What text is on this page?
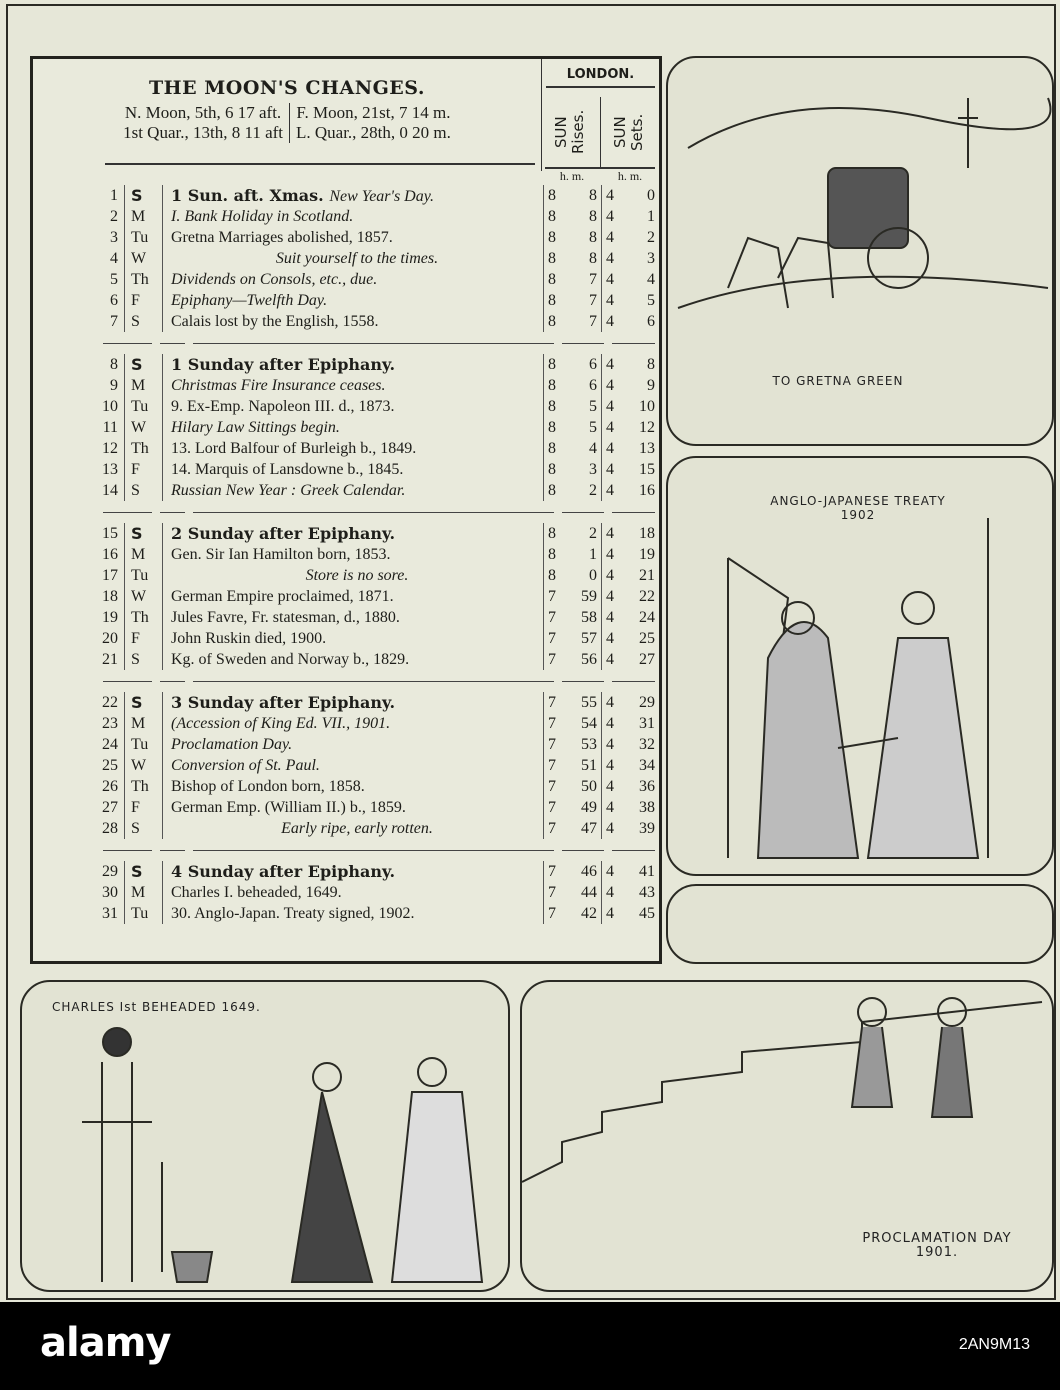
THE MOON'S CHANGES.
N. Moon, 5th, 6 17 aft.
1st Quar., 13th, 8 11 aft
F. Moon, 21st, 7 14 m.
L. Quar., 28th, 0 20 m.
LONDON.
SUN Rises. SUN Sets.
h. m.	h. m.
1 S	1 Sun. aft. Xmas. New Year's Day.	8 8 4 0
2 M	I. Bank Holiday in Scotland.	8 8 4 1
3 Tu	Gretna Marriages abolished, 1857.	8 8 4 2
4 W	Suit yourself to the times.	8 8 4 3
5 Th	Dividends on Consols, etc., due.	8 7 4 4
6 F	Epiphany—Twelfth Day.	8 7 4 5
7 S	Calais lost by the English, 1558.	8 7 4 6
8 S	1 Sunday after Epiphany.	8 6 4 8
9 M	Christmas Fire Insurance ceases.	8 6 4 9
10 Tu	9. Ex-Emp. Napoleon III. d., 1873.	8 5 4 10
11 W	Hilary Law Sittings begin.	8 5 4 12
12 Th	13. Lord Balfour of Burleigh b., 1849.	8 4 4 13
13 F	14. Marquis of Lansdowne b., 1845.	8 3 4 15
14 S	Russian New Year : Greek Calendar.	8 2 4 16
15 S	2 Sunday after Epiphany.	8 2 4 18
16 M	Gen. Sir Ian Hamilton born, 1853.	8 1 4 19
17 Tu	Store is no sore.	8 0 4 21
18 W	German Empire proclaimed, 1871.	7 59 4 22
19 Th	Jules Favre, Fr. statesman, d., 1880.	7 58 4 24
20 F	John Ruskin died, 1900.	7 57 4 25
21 S	Kg. of Sweden and Norway b., 1829.	7 56 4 27
22 S	3 Sunday after Epiphany.	7 55 4 29
23 M	(Accession of King Ed. VII., 1901.	7 54 4 31
24 Tu	Proclamation Day.	7 53 4 32
25 W	Conversion of St. Paul.	7 51 4 34
26 Th	Bishop of London born, 1858.	7 50 4 36
27 F	German Emp. (William II.) b., 1859.	7 49 4 38
28 S	Early ripe, early rotten.	7 47 4 39
29 S	4 Sunday after Epiphany.	7 46 4 41
30 M	Charles I. beheaded, 1649.	7 44 4 43
31 Tu	30. Anglo-Japan. Treaty signed, 1902.	7 42 4 45
TO GRETNA GREEN
ANGLO-JAPANESE TREATY 1902
CHARLES Ist BEHEADED 1649.
PROCLAMATION DAY 1901.
alamy	2AN9M13
